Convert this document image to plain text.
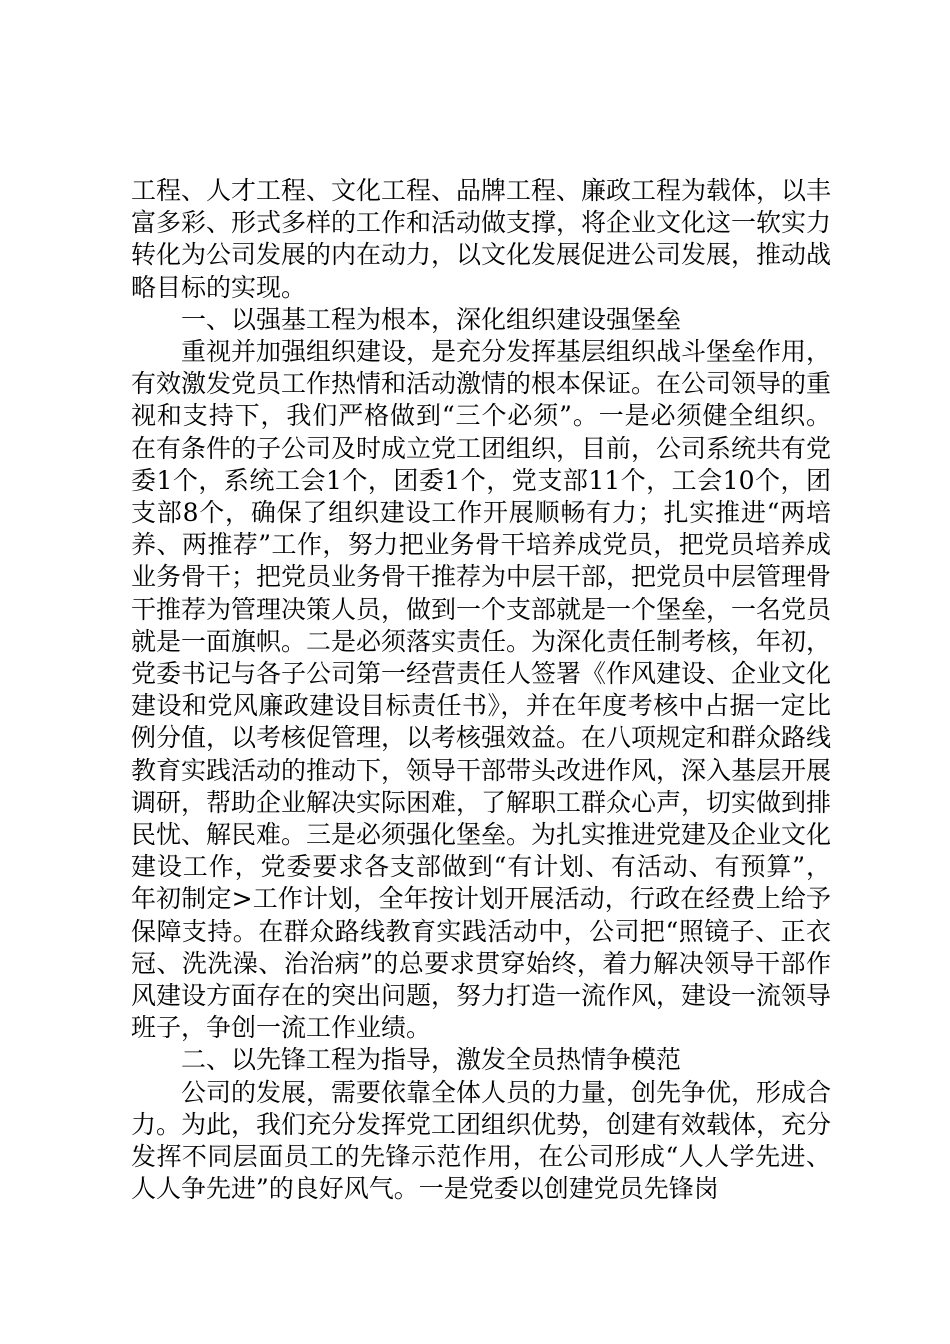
工程、人才工程、文化工程、品牌工程、廉政工程为载体，以丰富多彩、形式多样的工作和活动做支撑，将企业文化这一软实力转化为公司发展的内在动力，以文化发展促进公司发展，推动战略目标的实现。

一、以强基工程为根本，深化组织建设强堡垒

重视并加强组织建设，是充分发挥基层组织战斗堡垒作用，有效激发党员工作热情和活动激情的根本保证。在公司领导的重视和支持下，我们严格做到“三个必须”。一是必须健全组织。在有条件的子公司及时成立党工团组织，目前，公司系统共有党委1个，系统工会1个，团委1个，党支部11个，工会10个，团支部8个，确保了组织建设工作开展顺畅有力；扎实推进“两培养、两推荐”工作，努力把业务骨干培养成党员，把党员培养成业务骨干；把党员业务骨干推荐为中层干部，把党员中层管理骨干推荐为管理决策人员，做到一个支部就是一个堡垒，一名党员就是一面旗帜。二是必须落实责任。为深化责任制考核，年初，党委书记与各子公司第一经营责任人签署《作风建设、企业文化建设和党风廉政建设目标责任书》，并在年度考核中占据一定比例分值，以考核促管理，以考核强效益。在八项规定和群众路线教育实践活动的推动下，领导干部带头改进作风，深入基层开展调研，帮助企业解决实际困难，了解职工群众心声，切实做到排民忧、解民难。三是必须强化堡垒。为扎实推进党建及企业文化建设工作，党委要求各支部做到“有计划、有活动、有预算”，年初制定>工作计划，全年按计划开展活动，行政在经费上给予保障支持。在群众路线教育实践活动中，公司把“照镜子、正衣冠、洗洗澡、治治病”的总要求贯穿始终，着力解决领导干部作风建设方面存在的突出问题，努力打造一流作风，建设一流领导班子，争创一流工作业绩。

二、以先锋工程为指导，激发全员热情争模范

公司的发展，需要依靠全体人员的力量，创先争优，形成合力。为此，我们充分发挥党工团组织优势，创建有效载体，充分发挥不同层面员工的先锋示范作用，在公司形成“人人学先进、人人争先进”的良好风气。一是党委以创建党员先锋岗
